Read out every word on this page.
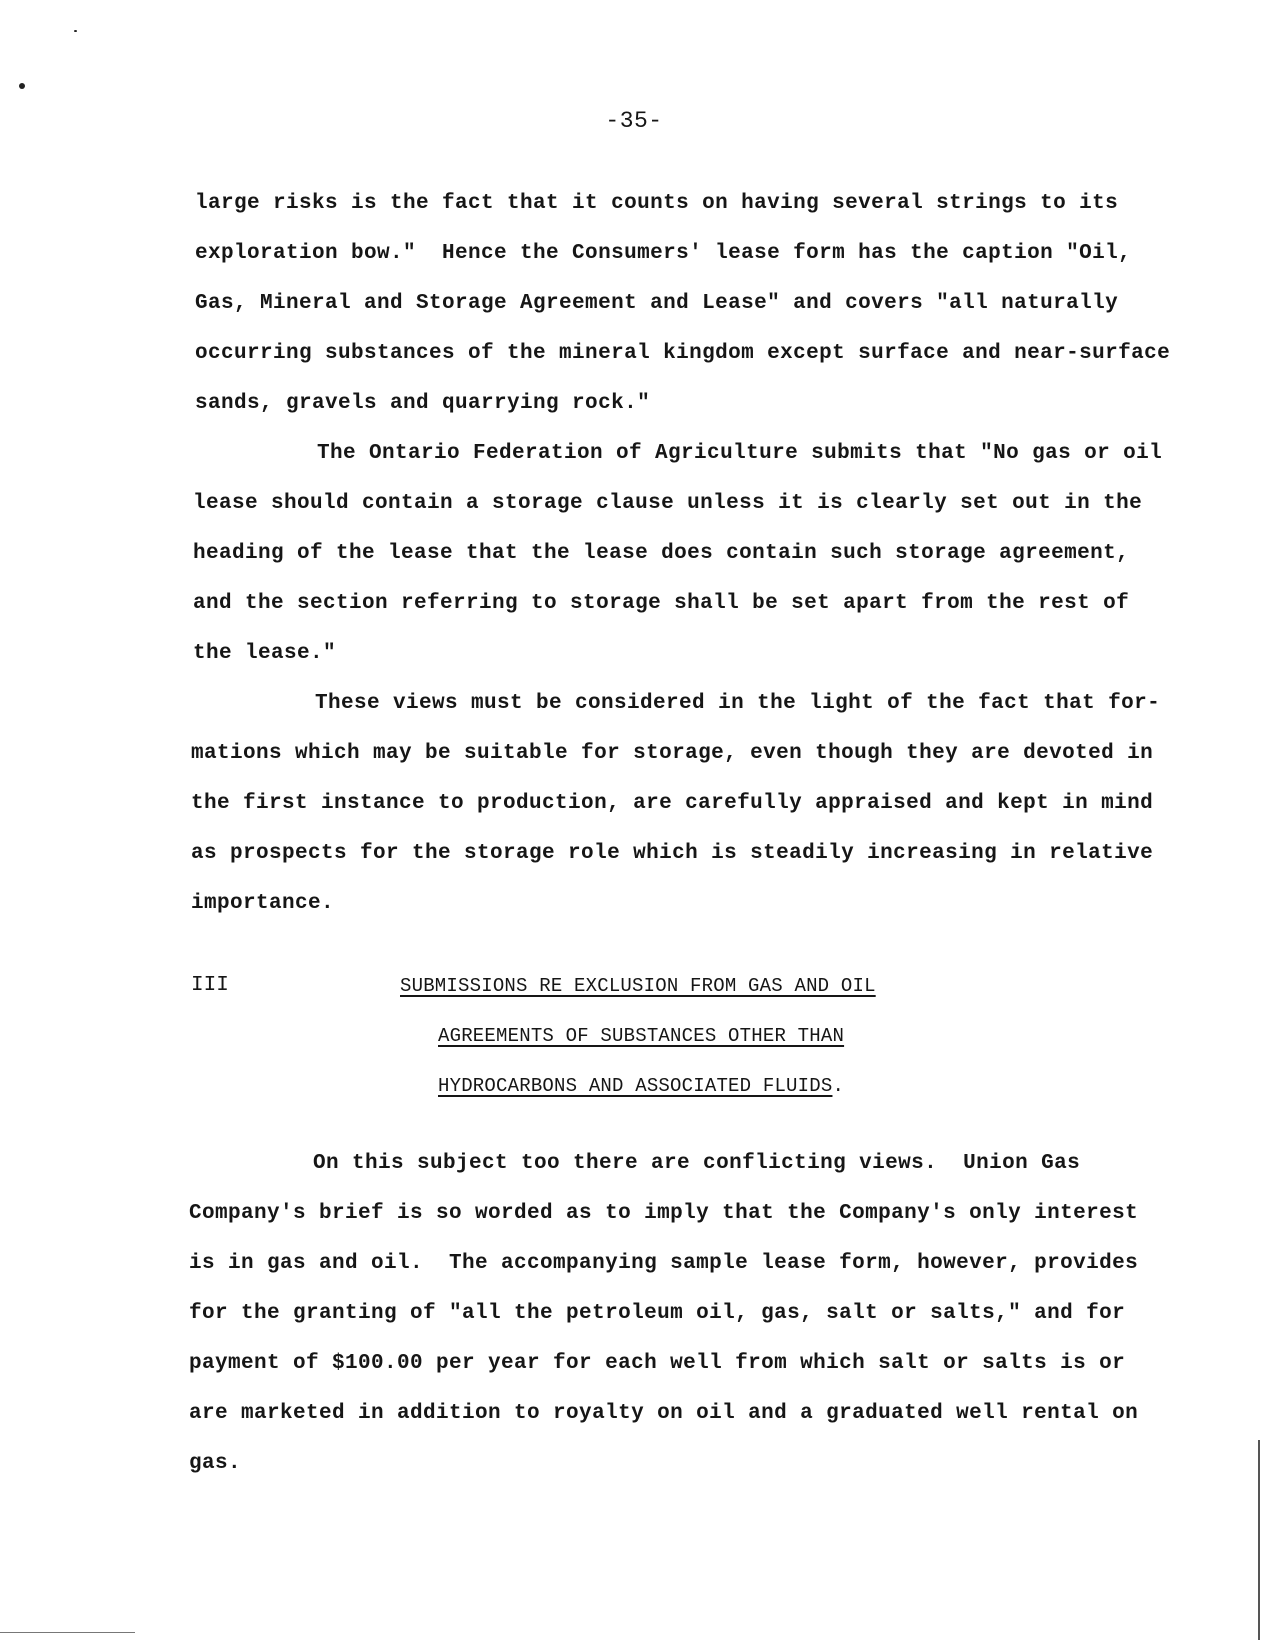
-35-
large risks is the fact that it counts on having several strings to its
exploration bow."  Hence the Consumers' lease form has the caption "Oil,
Gas, Mineral and Storage Agreement and Lease" and covers "all naturally
occurring substances of the mineral kingdom except surface and near-surface
sands, gravels and quarrying rock."
The Ontario Federation of Agriculture submits that "No gas or oil
lease should contain a storage clause unless it is clearly set out in the
heading of the lease that the lease does contain such storage agreement,
and the section referring to storage shall be set apart from the rest of
the lease."
These views must be considered in the light of the fact that for-
mations which may be suitable for storage, even though they are devoted in
the first instance to production, are carefully appraised and kept in mind
as prospects for the storage role which is steadily increasing in relative
importance.
III	SUBMISSIONS RE EXCLUSION FROM GAS AND OIL
AGREEMENTS OF SUBSTANCES OTHER THAN
HYDROCARBONS AND ASSOCIATED FLUIDS.
On this subject too there are conflicting views.  Union Gas
Company's brief is so worded as to imply that the Company's only interest
is in gas and oil.  The accompanying sample lease form, however, provides
for the granting of "all the petroleum oil, gas, salt or salts," and for
payment of $100.00 per year for each well from which salt or salts is or
are marketed in addition to royalty on oil and a graduated well rental on
gas.
